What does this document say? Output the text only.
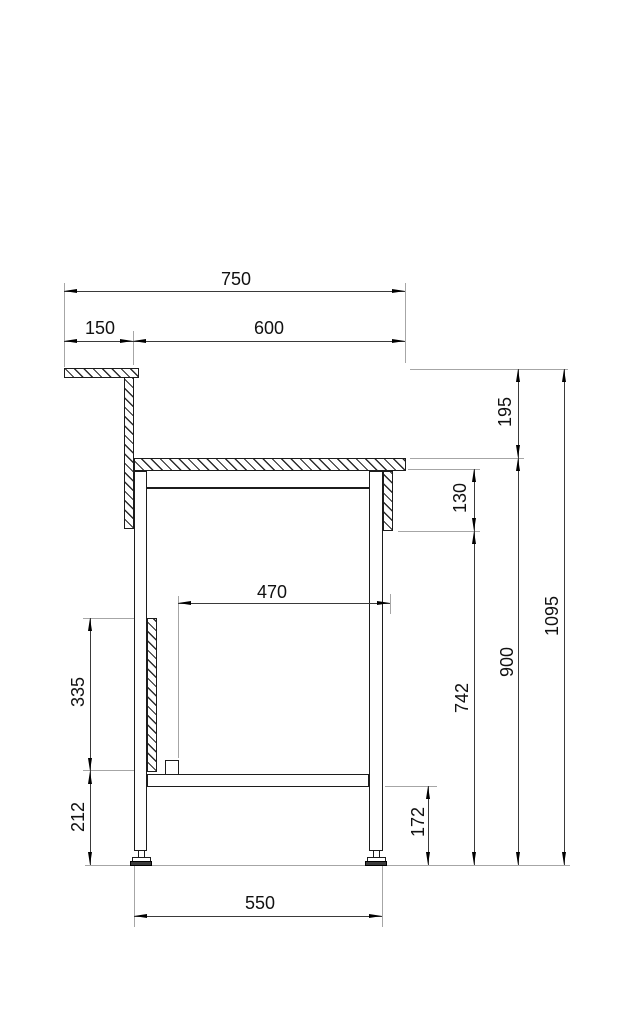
750
150	600
470
335
212
550
172
130
742
195
900
1095
